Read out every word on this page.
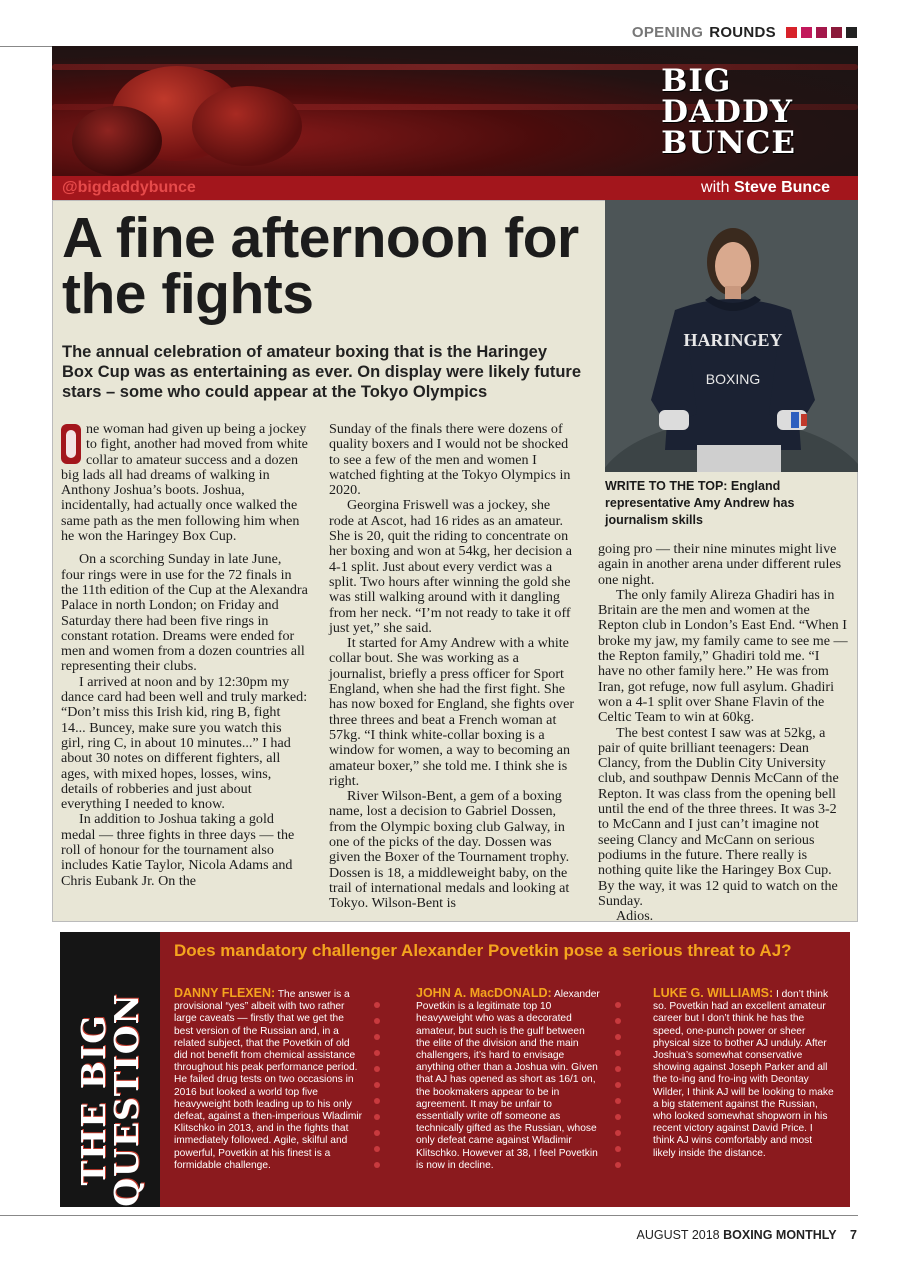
OPENING ROUNDS
BIG
DADDY
BUNCE
@bigdaddybunce	with Steve Bunce
A fine afternoon for the fights

The annual celebration of amateur boxing that is the Haringey Box Cup was as entertaining as ever. On display were likely future stars – some who could appear at the Tokyo Olympics

HARINGEY
BOXING

WRITE TO THE TOP: England representative Amy Andrew has journalism skills

ne woman had given up being a jockey to fight, another had moved from white collar to amateur success and a dozen big lads all had dreams of walking in Anthony Joshua’s boots. Joshua, incidentally, had actually once walked the same path as the men following him when he won the Haringey Box Cup.

On a scorching Sunday in late June, four rings were in use for the 72 finals in the 11th edition of the Cup at the Alexandra Palace in north London; on Friday and Saturday there had been five rings in constant rotation. Dreams were ended for men and women from a dozen countries all representing their clubs.

I arrived at noon and by 12:30pm my dance card had been well and truly marked: “Don’t miss this Irish kid, ring B, fight 14... Buncey, make sure you watch this girl, ring C, in about 10 minutes...” I had about 30 notes on different fighters, all ages, with mixed hopes, losses, wins, details of robberies and just about everything I needed to know.

In addition to Joshua taking a gold medal — three fights in three days — the roll of honour for the tournament also includes Katie Taylor, Nicola Adams and Chris Eubank Jr. On the

Sunday of the finals there were dozens of quality boxers and I would not be shocked to see a few of the men and women I watched fighting at the Tokyo Olympics in 2020.

Georgina Friswell was a jockey, she rode at Ascot, had 16 rides as an amateur. She is 20, quit the riding to concentrate on her boxing and won at 54kg, her decision a 4-1 split. Just about every verdict was a split. Two hours after winning the gold she was still walking around with it dangling from her neck. “I’m not ready to take it off just yet,” she said.

It started for Amy Andrew with a white collar bout. She was working as a journalist, briefly a press officer for Sport England, when she had the first fight. She has now boxed for England, she fights over three threes and beat a French woman at 57kg. “I think white-collar boxing is a window for women, a way to becoming an amateur boxer,” she told me. I think she is right.

River Wilson-Bent, a gem of a boxing name, lost a decision to Gabriel Dossen, from the Olympic boxing club Galway, in one of the picks of the day. Dossen was given the Boxer of the Tournament trophy. Dossen is 18, a middleweight baby, on the trail of international medals and looking at Tokyo. Wilson-Bent is

going pro — their nine minutes might live again in another arena under different rules one night.

The only family Alireza Ghadiri has in Britain are the men and women at the Repton club in London’s East End. “When I broke my jaw, my family came to see me — the Repton family,” Ghadiri told me. “I have no other family here.” He was from Iran, got refuge, now full asylum. Ghadiri won a 4-1 split over Shane Flavin of the Celtic Team to win at 60kg.

The best contest I saw was at 52kg, a pair of quite brilliant teenagers: Dean Clancy, from the Dublin City University club, and southpaw Dennis McCann of the Repton. It was class from the opening bell until the end of the three threes. It was 3-2 to McCann and I just can’t imagine not seeing Clancy and McCann on serious podiums in the future. There really is nothing quite like the Haringey Box Cup. By the way, it was 12 quid to watch on the Sunday.

Adios.

THE BIG
QUESTION
Does mandatory challenger Alexander Povetkin pose a serious threat to AJ?
DANNY FLEXEN: The answer is a provisional “yes” albeit with two rather large caveats — firstly that we get the best version of the Russian and, in a related subject, that the Povetkin of old did not benefit from chemical assistance throughout his peak performance period. He failed drug tests on two occasions in 2016 but looked a world top five heavyweight both leading up to his only defeat, against a then-imperious Wladimir Klitschko in 2013, and in the fights that immediately followed. Agile, skilful and powerful, Povetkin at his finest is a formidable challenge.
JOHN A. MacDONALD: Alexander Povetkin is a legitimate top 10 heavyweight who was a decorated amateur, but such is the gulf between the elite of the division and the main challengers, it’s hard to envisage anything other than a Joshua win. Given that AJ has opened as short as 16/1 on, the bookmakers appear to be in agreement. It may be unfair to essentially write off someone as technically gifted as the Russian, whose only defeat came against Wladimir Klitschko. However at 38, I feel Povetkin is now in decline.
LUKE G. WILLIAMS: I don’t think so. Povetkin had an excellent amateur career but I don’t think he has the speed, one-punch power or sheer physical size to bother AJ unduly. After Joshua’s somewhat conservative showing against Joseph Parker and all the to-ing and fro-ing with Deontay Wilder, I think AJ will be looking to make a big statement against the Russian, who looked somewhat shopworn in his recent victory against David Price. I think AJ wins comfortably and most likely inside the distance.
AUGUST 2018 BOXING MONTHLY 7
